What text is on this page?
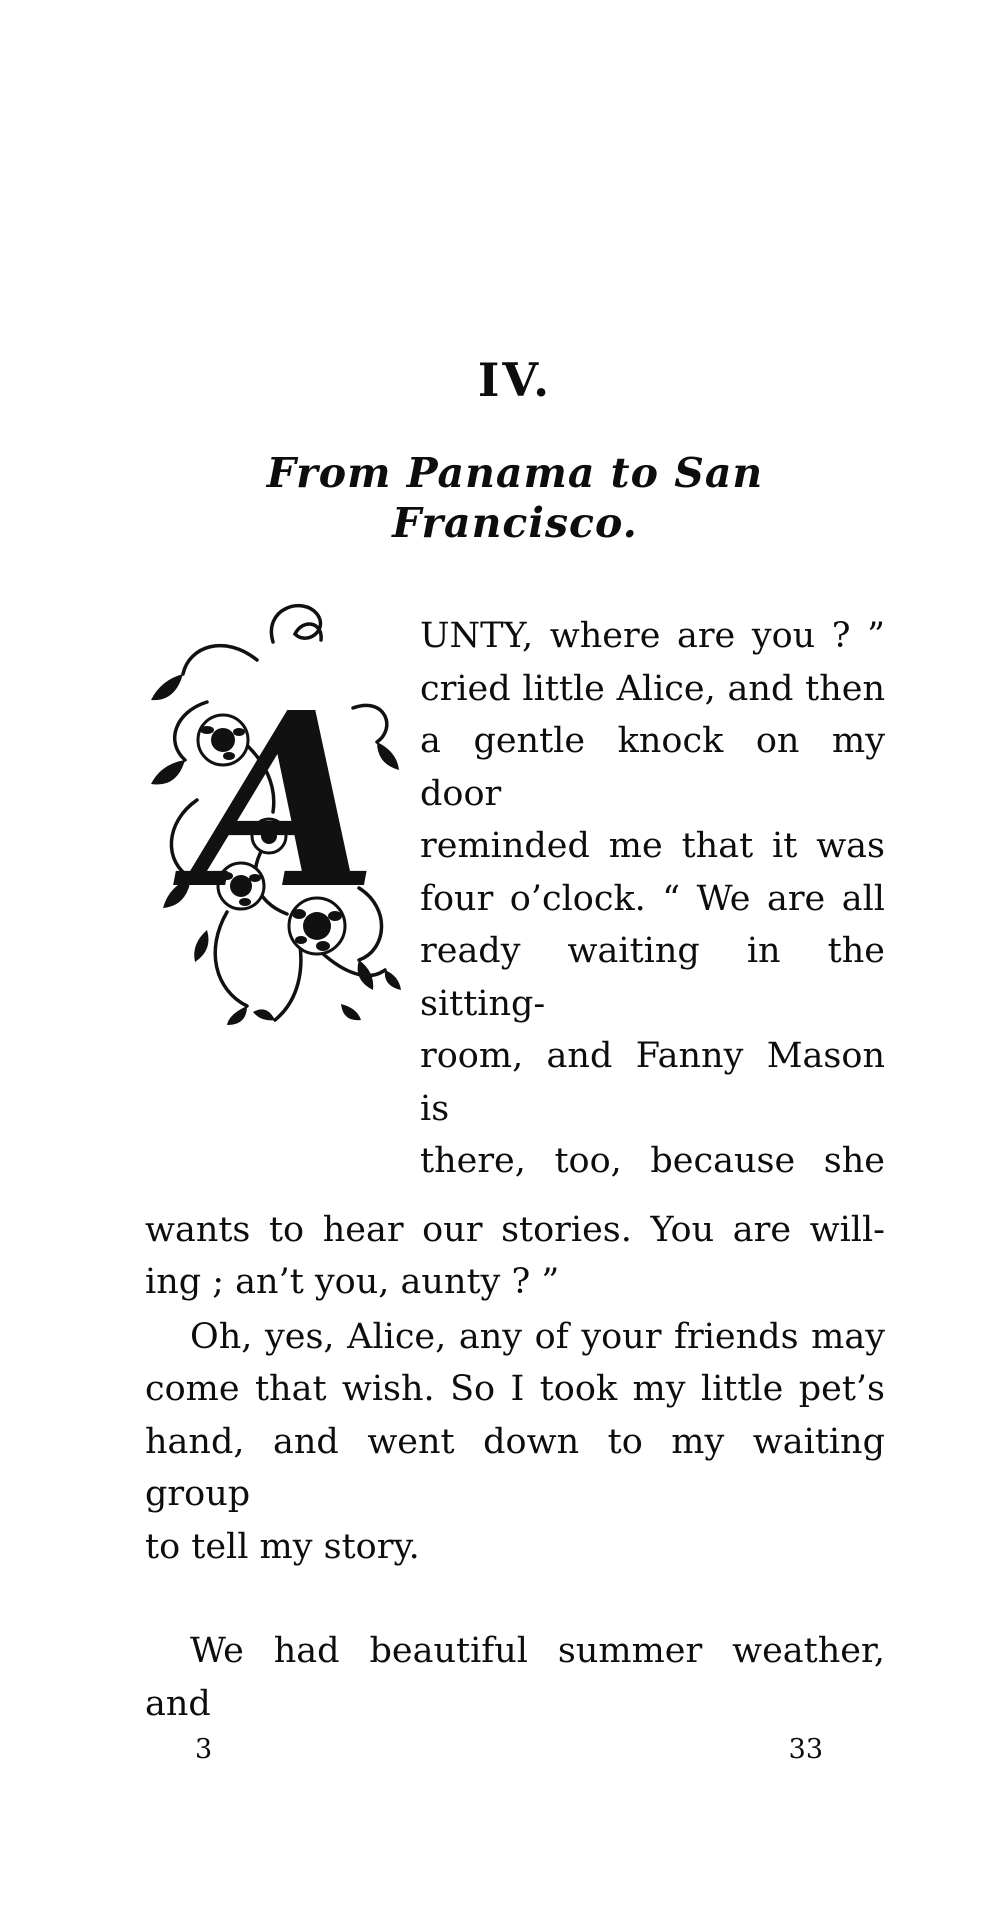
IV.
From Panama to San Francisco.
A
UNTY, where are you ? ”
cried little Alice, and then
a gentle knock on my door
reminded me that it was
four o’clock. “ We are all
ready waiting in the sitting-
room, and Fanny Mason is
there, too, because she
wants to hear our stories. You are will-
ing ; an’t you, aunty ? ”
Oh, yes, Alice, any of your friends may
come that wish. So I took my little pet’s
hand, and went down to my waiting group
to tell my story.
We had beautiful summer weather, and
3	33
